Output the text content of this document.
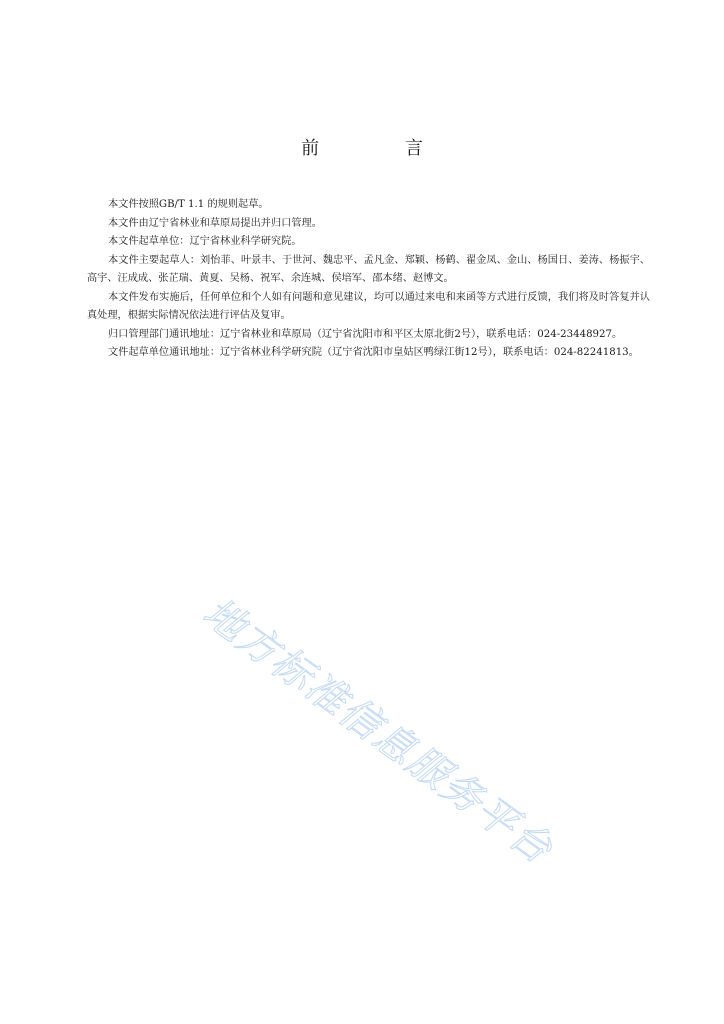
前 言

本文件按照GB/T 1.1 的规则起草。

本文件由辽宁省林业和草原局提出并归口管理。

本文件起草单位：辽宁省林业科学研究院。

本文件主要起草人：刘怡菲、叶景丰、于世河、魏忠平、孟凡金、郑颖、杨鹤、翟金凤、金山、杨国日、姜涛、杨振宇、高宇、汪成成、张芷瑞、黄夏、吴杨、祝军、余连城、侯培军、邵本绪、赵博文。

本文件发布实施后，任何单位和个人如有问题和意见建议，均可以通过来电和来函等方式进行反馈，我们将及时答复并认真处理，根据实际情况依法进行评估及复审。

归口管理部门通讯地址：辽宁省林业和草原局（辽宁省沈阳市和平区太原北街2号），联系电话：024-23448927。

文件起草单位通讯地址：辽宁省林业科学研究院（辽宁省沈阳市皇姑区鸭绿江街12号），联系电话：024-82241813。

地方标准信息服务平台
